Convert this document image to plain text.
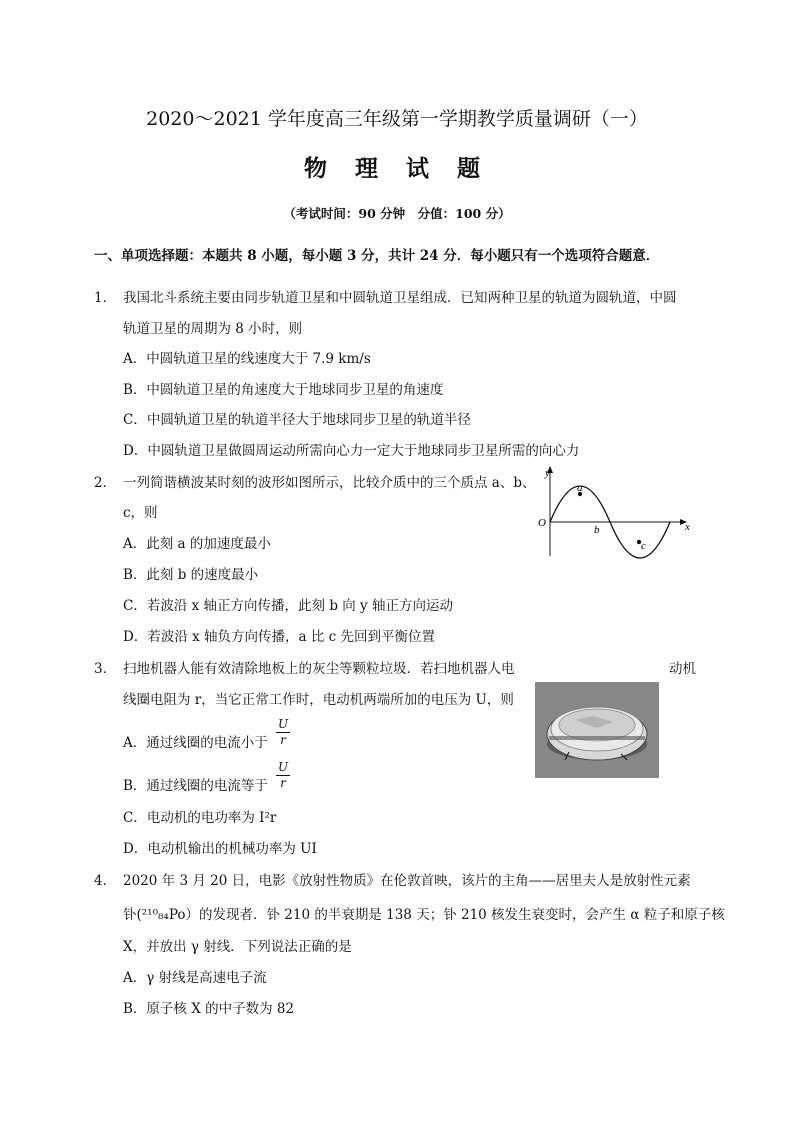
2020～2021 学年度高三年级第一学期教学质量调研（一）
物 理 试 题
（考试时间：90 分钟　分值：100 分）
一、单项选择题：本题共 8 小题，每小题 3 分，共计 24 分．每小题只有一个选项符合题意．
1． 我国北斗系统主要由同步轨道卫星和中圆轨道卫星组成．已知两种卫星的轨道为圆轨道，中圆
轨道卫星的周期为 8 小时，则
A．中圆轨道卫星的线速度大于 7.9 km/s
B．中圆轨道卫星的角速度大于地球同步卫星的角速度
C．中圆轨道卫星的轨道半径大于地球同步卫星的轨道半径
D．中圆轨道卫星做圆周运动所需向心力一定大于地球同步卫星所需的向心力
2． 一列简谐横波某时刻的波形如图所示，比较介质中的三个质点 a、b、
c，则
A．此刻 a 的加速度最小
B．此刻 b 的速度最小
C．若波沿 x 轴正方向传播，此刻 b 向 y 轴正方向运动
D．若波沿 x 轴负方向传播，a 比 c 先回到平衡位置
y
x
O
a
b
c
3． 扫地机器人能有效清除地板上的灰尘等颗粒垃圾．若扫地机器人电	动机
线圈电阻为 r，当它正常工作时，电动机两端所加的电压为 U，则
A．通过线圈的电流小于 $\frac{U}{r}$
B．通过线圈的电流等于 $\frac{U}{r}$
C．电动机的电功率为 I²r
D．电动机输出的机械功率为 UI
4． 2020 年 3 月 20 日，电影《放射性物质》在伦敦首映，该片的主角——居里夫人是放射性元素
钋(²¹⁰₈₄Po）的发现者．钋 210 的半衰期是 138 天；钋 210 核发生衰变时，会产生 α 粒子和原子核
X，并放出 γ 射线．下列说法正确的是
A．γ 射线是高速电子流
B．原子核 X 的中子数为 82
